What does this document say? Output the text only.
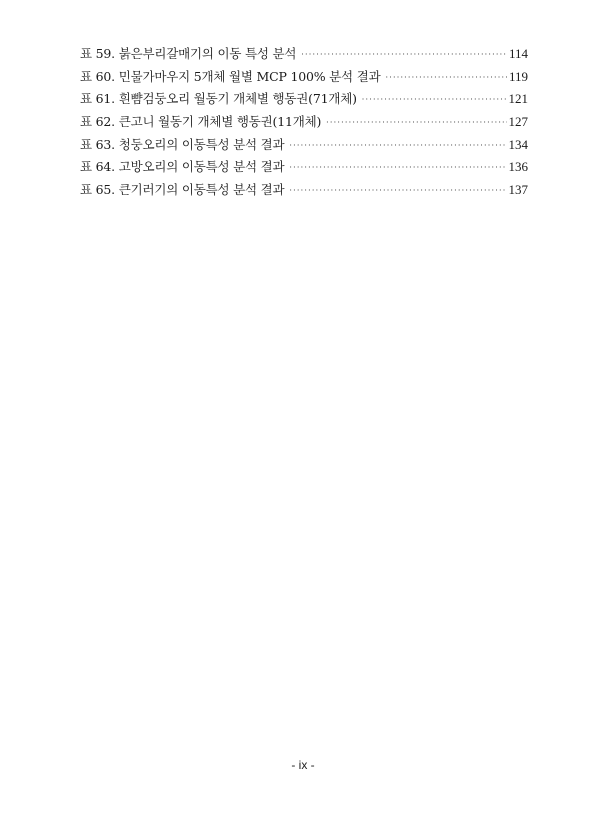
표 59. 붉은부리갈매기의 이동 특성 분석 ·····	114
표 60. 민물가마우지 5개체 월별 MCP 100% 분석 결과 ·····	119
표 61. 흰뺨검둥오리 월동기 개체별 행동권(71개체) ·····	121
표 62. 큰고니 월동기 개체별 행동권(11개체) ·····	127
표 63. 청둥오리의 이동특성 분석 결과 ·····	134
표 64. 고방오리의 이동특성 분석 결과 ·····	136
표 65. 큰기러기의 이동특성 분석 결과 ·····	137
- ix -
